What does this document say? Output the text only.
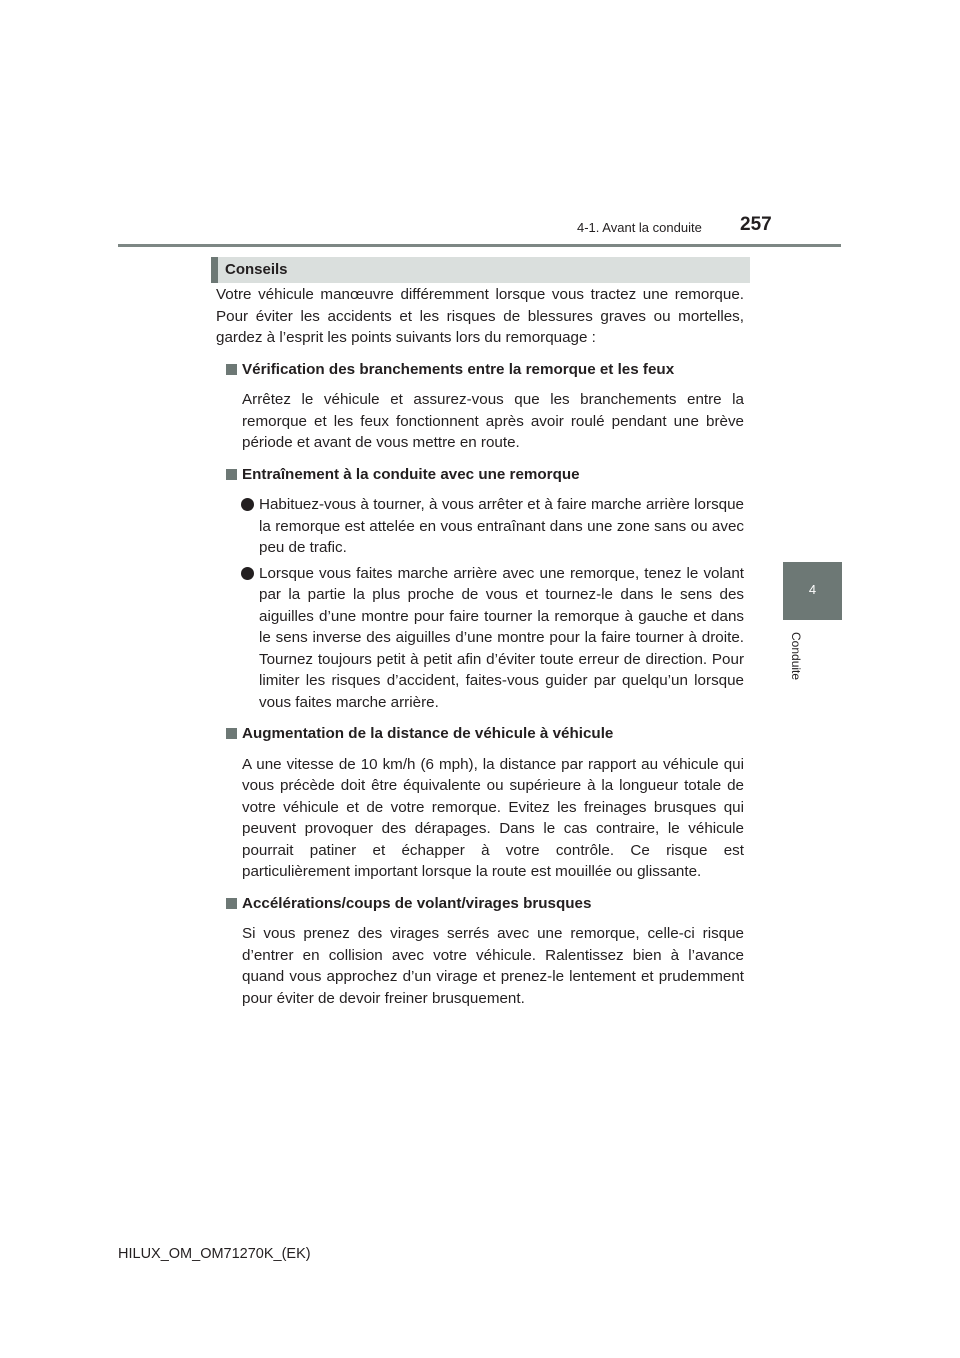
4-1. Avant la conduite 257
4
Conduite
Conseils

Votre véhicule manœuvre différemment lorsque vous tractez une remorque. Pour éviter les accidents et les risques de blessures graves ou mortelles, gardez à l’esprit les points suivants lors du remorquage :

Vérification des branchements entre la remorque et les feux

Arrêtez le véhicule et assurez-vous que les branchements entre la remorque et les feux fonctionnent après avoir roulé pendant une brève période et avant de vous mettre en route.

Entraînement à la conduite avec une remorque
Habituez-vous à tourner, à vous arrêter et à faire marche arrière lorsque la remorque est attelée en vous entraînant dans une zone sans ou avec peu de trafic.
Lorsque vous faites marche arrière avec une remorque, tenez le volant par la partie la plus proche de vous et tournez-le dans le sens des aiguilles d’une montre pour faire tourner la remorque à gauche et dans le sens inverse des aiguilles d’une montre pour la faire tourner à droite. Tournez toujours petit à petit afin d’éviter toute erreur de direction. Pour limiter les risques d’accident, faites-vous guider par quelqu’un lorsque vous faites marche arrière.
Augmentation de la distance de véhicule à véhicule

A une vitesse de 10 km/h (6 mph), la distance par rapport au véhicule qui vous précède doit être équivalente ou supérieure à la longueur totale de votre véhicule et de votre remorque. Evitez les freinages brusques qui peuvent provoquer des dérapages. Dans le cas contraire, le véhicule pourrait patiner et échapper à votre contrôle. Ce risque est particulièrement important lorsque la route est mouillée ou glissante.

Accélérations/coups de volant/virages brusques

Si vous prenez des virages serrés avec une remorque, celle-ci risque d’entrer en collision avec votre véhicule. Ralentissez bien à l’avance quand vous approchez d’un virage et prenez-le lentement et prudemment pour éviter de devoir freiner brusquement.

HILUX_OM_OM71270K_(EK)
